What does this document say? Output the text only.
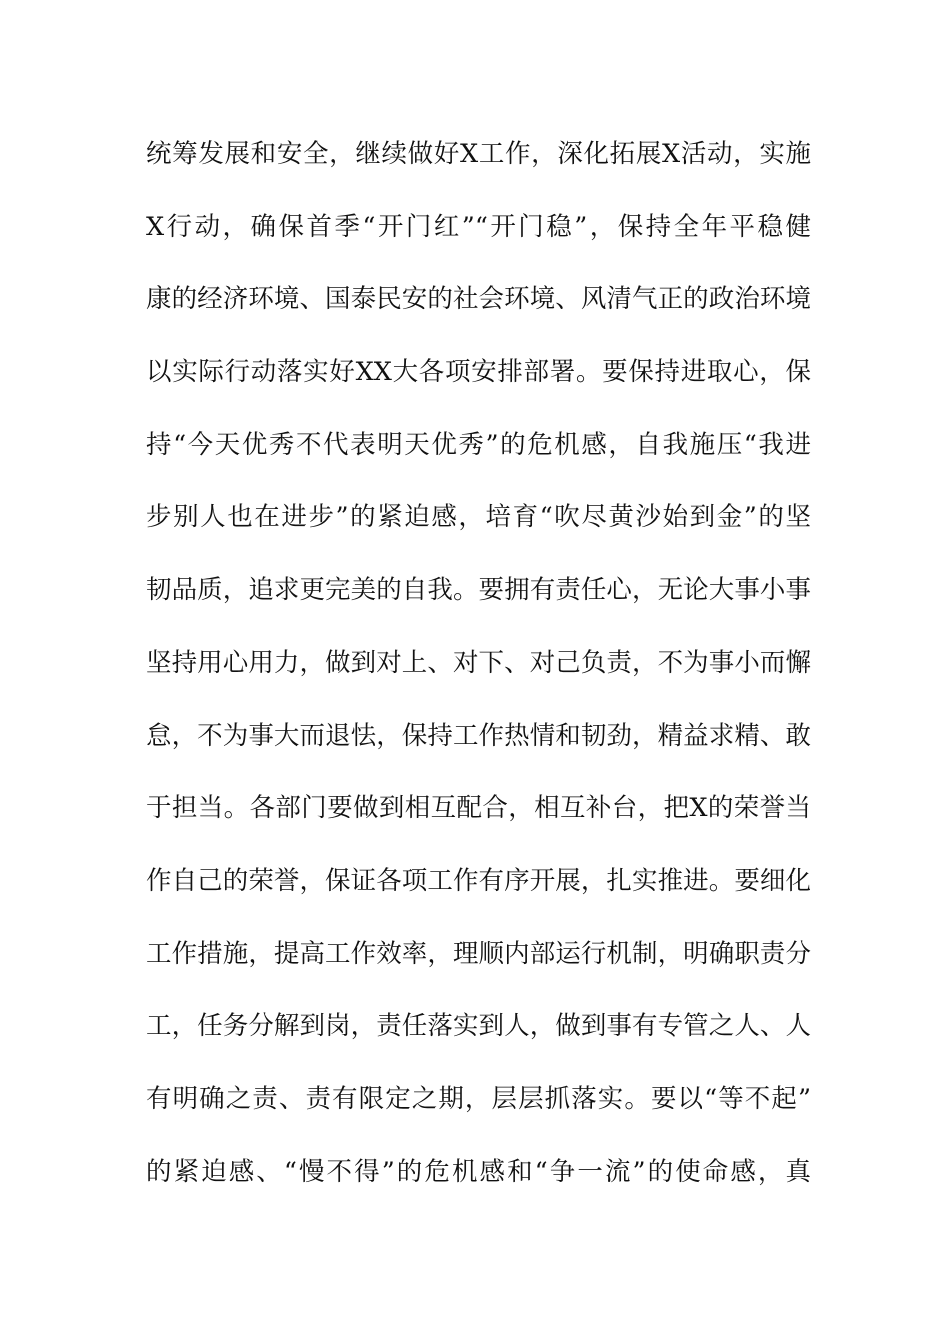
统筹发展和安全，继续做好X工作，深化拓展X活动，实施
X行动，确保首季“开门红”“开门稳”，保持全年平稳健
康的经济环境、国泰民安的社会环境、风清气正的政治环境
以实际行动落实好XX大各项安排部署。要保持进取心，保
持“今天优秀不代表明天优秀”的危机感，自我施压“我进
步别人也在进步”的紧迫感，培育“吹尽黄沙始到金”的坚
韧品质，追求更完美的自我。要拥有责任心，无论大事小事
坚持用心用力，做到对上、对下、对己负责，不为事小而懈
怠，不为事大而退怯，保持工作热情和韧劲，精益求精、敢
于担当。各部门要做到相互配合，相互补台，把X的荣誉当
作自己的荣誉，保证各项工作有序开展，扎实推进。要细化
工作措施，提高工作效率，理顺内部运行机制，明确职责分
工，任务分解到岗，责任落实到人，做到事有专管之人、人
有明确之责、责有限定之期，层层抓落实。要以“等不起”
的紧迫感、“慢不得”的危机感和“争一流”的使命感，真
